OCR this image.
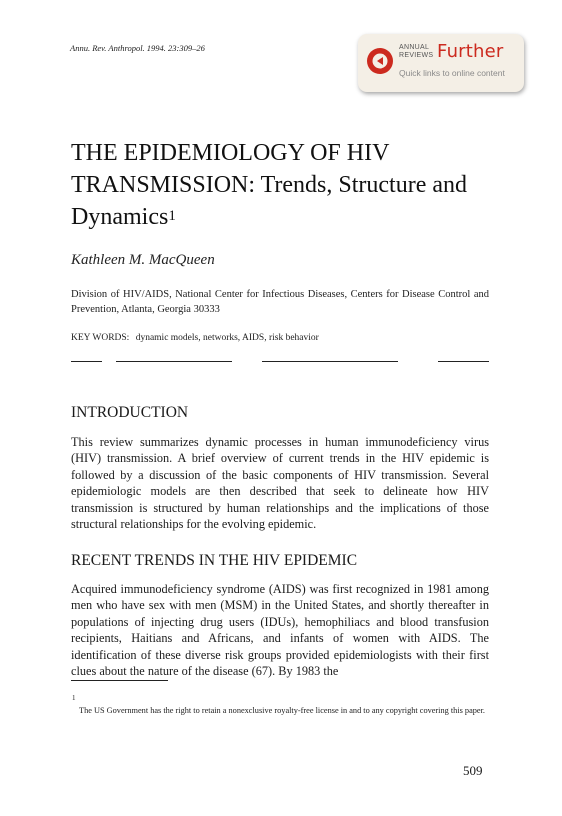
Annu. Rev. Anthropol. 1994. 23:309–26	ANNUAL
REVIEWS Further
Quick links to online content
THE EPIDEMIOLOGY OF HIV TRANSMISSION: Trends, Structure and Dynamics$^1$
Kathleen M. MacQueen
Division of HIV/AIDS, National Center for Infectious Diseases, Centers for Disease Control and Prevention, Atlanta, Georgia 30333
KEY WORDS: dynamic models, networks, AIDS, risk behavior
INTRODUCTION

This review summarizes dynamic processes in human immunodeficiency virus (HIV) transmission. A brief overview of current trends in the HIV epidemic is followed by a discussion of the basic components of HIV transmission. Several epidemiologic models are then described that seek to delineate how HIV transmission is structured by human relationships and the implications of those structural relationships for the evolving epidemic.

RECENT TRENDS IN THE HIV EPIDEMIC

Acquired immunodeficiency syndrome (AIDS) was first recognized in 1981 among men who have sex with men (MSM) in the United States, and shortly thereafter in populations of injecting drug users (IDUs), hemophiliacs and blood transfusion recipients, Haitians and Africans, and infants of women with AIDS. The identification of these diverse risk groups provided epidemiologists with their first clues about the nature of the disease (67). By 1983 the

1

The US Government has the right to retain a nonexclusive royalty-free license in and to any copyright covering this paper.

509
